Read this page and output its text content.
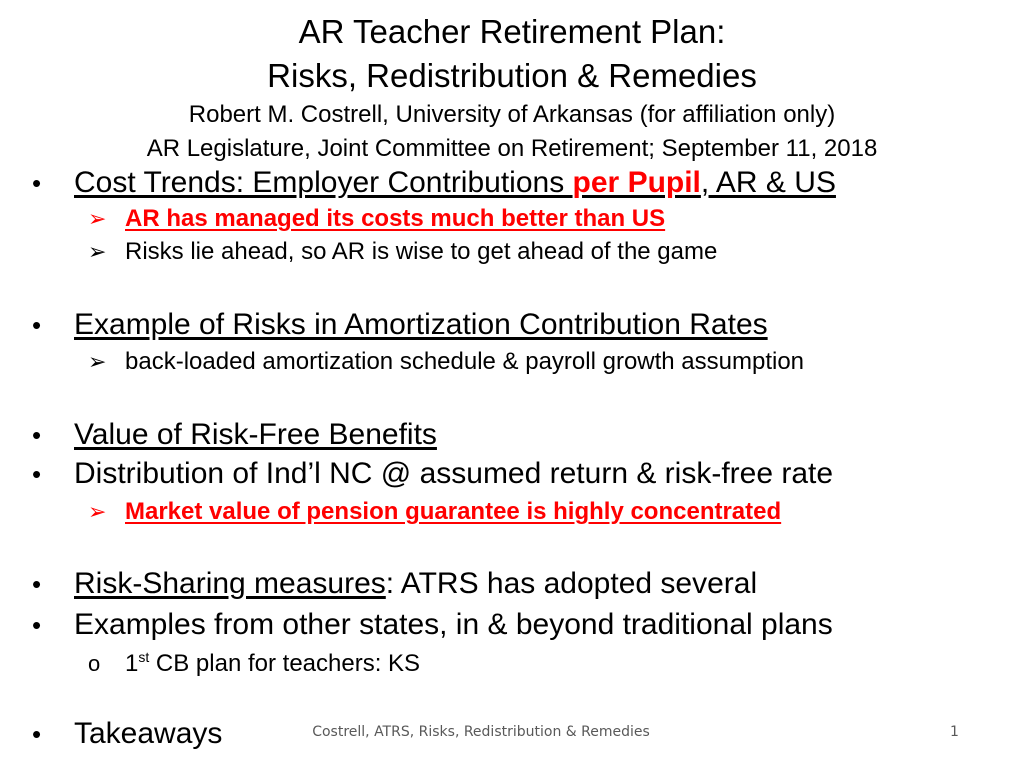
AR Teacher Retirement Plan:
Risks, Redistribution & Remedies
Robert M. Costrell, University of Arkansas (for affiliation only)
AR Legislature, Joint Committee on Retirement; September 11, 2018
• Cost Trends: Employer Contributions per Pupil, AR & US
➢ AR has managed its costs much better than US
➢ Risks lie ahead, so AR is wise to get ahead of the game
• Example of Risks in Amortization Contribution Rates
➢ back-loaded amortization schedule & payroll growth assumption
• Value of Risk-Free Benefits
• Distribution of Ind’l NC @ assumed return & risk-free rate
➢ Market value of pension guarantee is highly concentrated
• Risk-Sharing measures: ATRS has adopted several
• Examples from other states, in & beyond traditional plans
o 1st CB plan for teachers: KS
• Takeaways	Costrell, ATRS, Risks, Redistribution & Remedies	1
